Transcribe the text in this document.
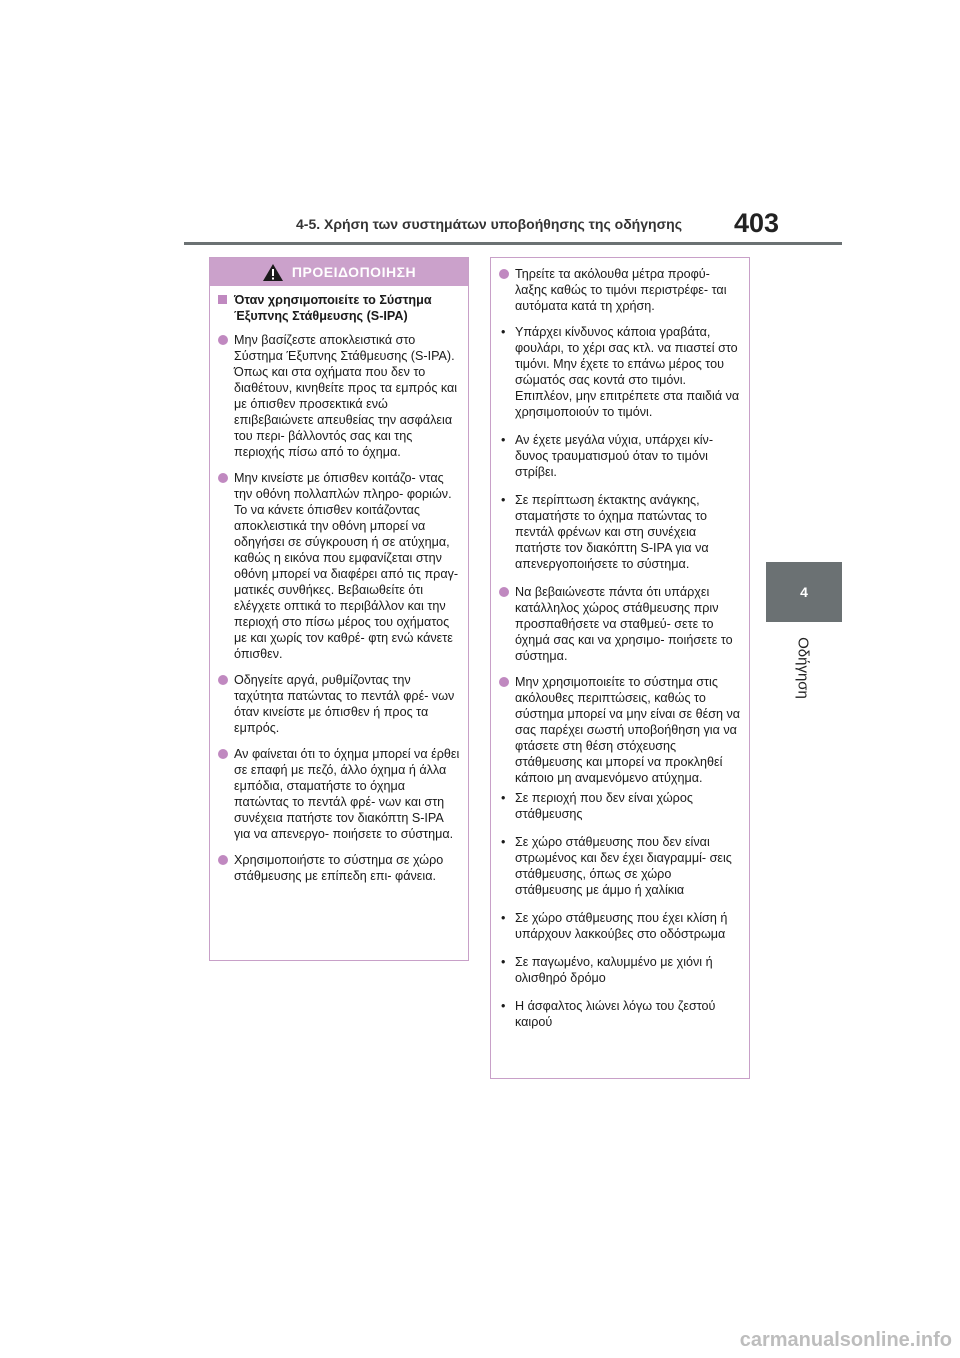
4-5. Χρήση των συστημάτων υποβοήθησης της οδήγησης 403
4
Οδήγηση
ΠΡΟΕΙΔΟΠΟΙΗΣΗ
Όταν χρησιμοποιείτε το Σύστημα Έξυπνης Στάθμευσης (S-IPA)
Μην βασίζεστε αποκλειστικά στο Σύστημα Έξυπνης Στάθμευσης (S-IPA). Όπως και στα οχήματα που δεν το διαθέτουν, κινηθείτε προς τα εμπρός και με όπισθεν προσεκτικά ενώ επιβεβαιώνετε απευθείας την ασφάλεια του περι- βάλλοντός σας και της περιοχής πίσω από το όχημα.
Μην κινείστε με όπισθεν κοιτάζο- ντας την οθόνη πολλαπλών πληρο- φοριών. Το να κάνετε όπισθεν κοιτάζοντας αποκλειστικά την οθόνη μπορεί να οδηγήσει σε σύγκρουση ή σε ατύχημα, καθώς η εικόνα που εμφανίζεται στην οθόνη μπορεί να διαφέρει από τις πραγ- ματικές συνθήκες. Βεβαιωθείτε ότι ελέγχετε οπτικά το περιβάλλον και την περιοχή στο πίσω μέρος του οχήματος με και χωρίς τον καθρέ- φτη ενώ κάνετε όπισθεν.
Οδηγείτε αργά, ρυθμίζοντας την ταχύτητα πατώντας το πεντάλ φρέ- νων όταν κινείστε με όπισθεν ή προς τα εμπρός.
Αν φαίνεται ότι το όχημα μπορεί να έρθει σε επαφή με πεζό, άλλο όχημα ή άλλα εμπόδια, σταματήστε το όχημα πατώντας το πεντάλ φρέ- νων και στη συνέχεια πατήστε τον διακόπτη S-IPA για να απενεργο- ποιήσετε το σύστημα.
Χρησιμοποιήστε το σύστημα σε χώρο στάθμευσης με επίπεδη επι- φάνεια.
Τηρείτε τα ακόλουθα μέτρα προφύ- λαξης καθώς το τιμόνι περιστρέφε- ται αυτόματα κατά τη χρήση.
• Υπάρχει κίνδυνος κάποια γραβάτα, φουλάρι, το χέρι σας κτλ. να πιαστεί στο τιμόνι. Μην έχετε το επάνω μέρος του σώματός σας κοντά στο τιμόνι. Επιπλέον, μην επιτρέπετε στα παιδιά να χρησιμοποιούν το τιμόνι.
• Αν έχετε μεγάλα νύχια, υπάρχει κίν- δυνος τραυματισμού όταν το τιμόνι στρίβει.
• Σε περίπτωση έκτακτης ανάγκης, σταματήστε το όχημα πατώντας το πεντάλ φρένων και στη συνέχεια πατήστε τον διακόπτη S-IPA για να απενεργοποιήσετε το σύστημα.
Να βεβαιώνεστε πάντα ότι υπάρχει κατάλληλος χώρος στάθμευσης πριν προσπαθήσετε να σταθμεύ- σετε το όχημά σας και να χρησιμο- ποιήσετε το σύστημα.
Μην χρησιμοποιείτε το σύστημα στις ακόλουθες περιπτώσεις, καθώς το σύστημα μπορεί να μην είναι σε θέση να σας παρέχει σωστή υποβοήθηση για να φτάσετε στη θέση στόχευσης στάθμευσης και μπορεί να προκληθεί κάποιο μη αναμενόμενο ατύχημα.
• Σε περιοχή που δεν είναι χώρος στάθμευσης
• Σε χώρο στάθμευσης που δεν είναι στρωμένος και δεν έχει διαγραμμί- σεις στάθμευσης, όπως σε χώρο στάθμευσης με άμμο ή χαλίκια
• Σε χώρο στάθμευσης που έχει κλίση ή υπάρχουν λακκούβες στο οδόστρωμα
• Σε παγωμένο, καλυμμένο με χιόνι ή ολισθηρό δρόμο
• Η άσφαλτος λιώνει λόγω του ζεστού καιρού
carmanualsonline.info
